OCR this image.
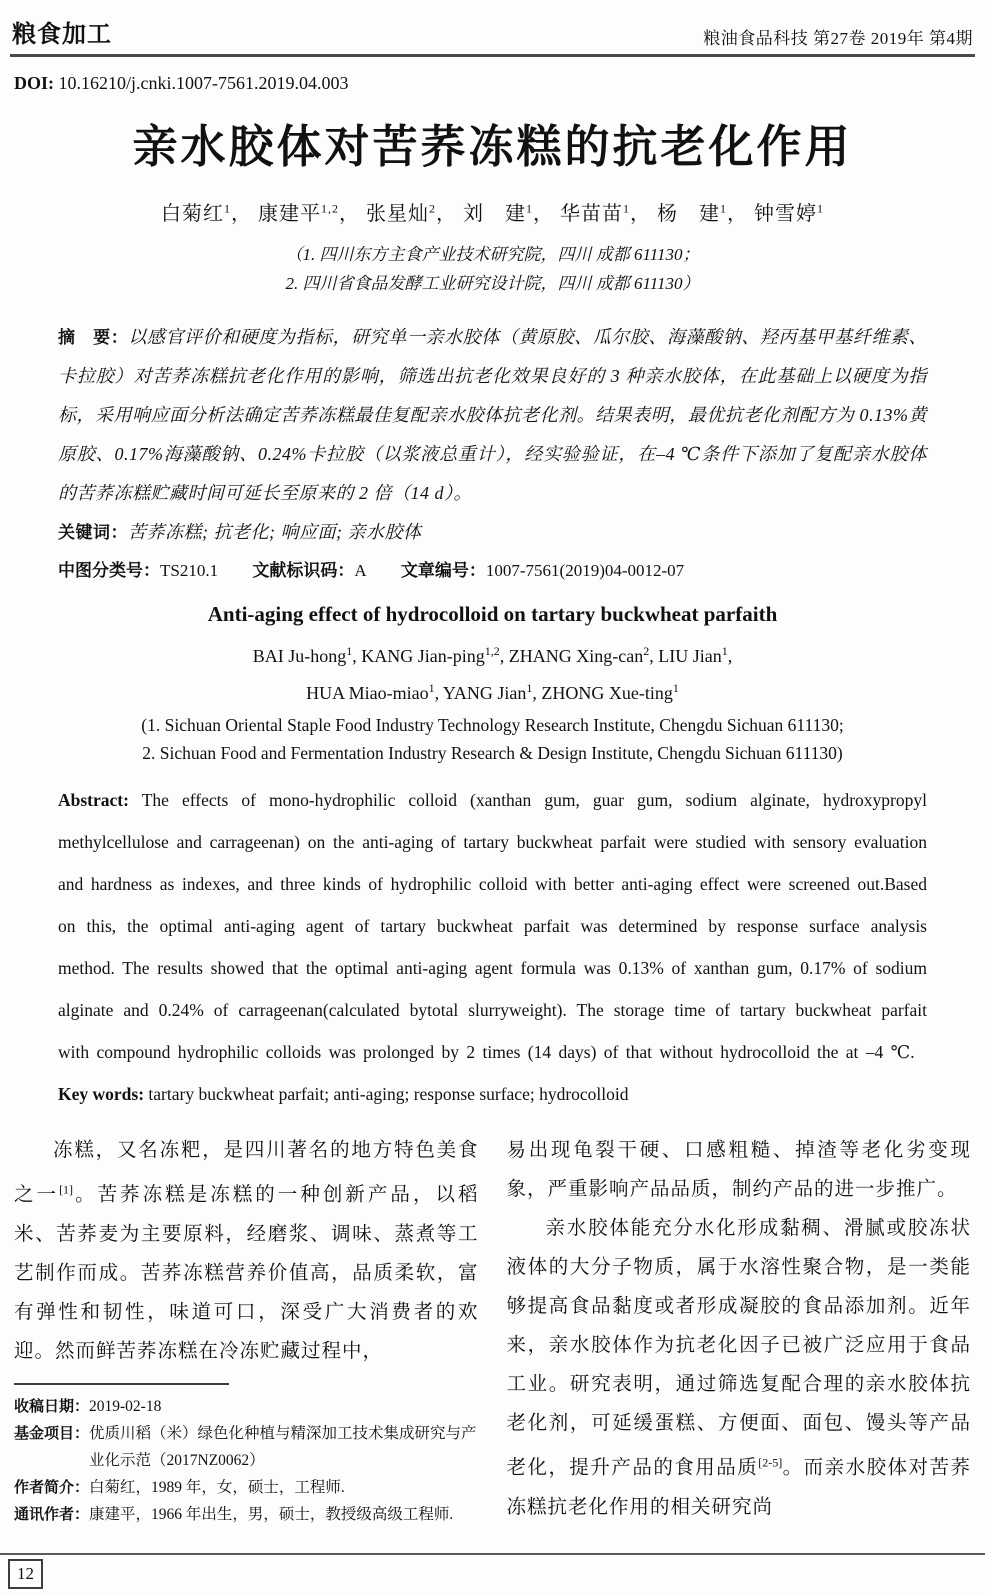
粮食加工	粮油食品科技 第27卷 2019年 第4期
DOI: 10.16210/j.cnki.1007-7561.2019.04.003
亲水胶体对苦荞冻糕的抗老化作用
白菊红$^1$， 康建平$^{1,2}$， 张星灿$^2$， 刘　建$^1$， 华苗苗$^1$， 杨　建$^1$， 钟雪婷$^1$
（1. 四川东方主食产业技术研究院，四川 成都 611130；
2. 四川省食品发酵工业研究设计院，四川 成都 611130）
摘　要：以感官评价和硬度为指标，研究单一亲水胶体（黄原胶、瓜尔胶、海藻酸钠、羟丙基甲基纤维素、卡拉胶）对苦荞冻糕抗老化作用的影响，筛选出抗老化效果良好的 3 种亲水胶体，在此基础上以硬度为指标，采用响应面分析法确定苦荞冻糕最佳复配亲水胶体抗老化剂。结果表明，最优抗老化剂配方为 0.13%黄原胶、0.17%海藻酸钠、0.24%卡拉胶（以浆液总重计），经实验验证，在–4 ℃条件下添加了复配亲水胶体的苦荞冻糕贮藏时间可延长至原来的 2 倍（14 d）。
关键词：苦荞冻糕; 抗老化; 响应面; 亲水胶体
中图分类号：TS210.1 文献标识码：A 文章编号：1007-7561(2019)04-0012-07
Anti-aging effect of hydrocolloid on tartary buckwheat parfaith
BAI Ju-hong$^1$, KANG Jian-ping$^{1,2}$, ZHANG Xing-can$^2$, LIU Jian$^1$,
HUA Miao-miao$^1$, YANG Jian$^1$, ZHONG Xue-ting$^1$
(1. Sichuan Oriental Staple Food Industry Technology Research Institute, Chengdu Sichuan 611130;
2. Sichuan Food and Fermentation Industry Research & Design Institute, Chengdu Sichuan 611130)
Abstract: The effects of mono-hydrophilic colloid (xanthan gum, guar gum, sodium alginate, hydroxypropyl methylcellulose and carrageenan) on the anti-aging of tartary buckwheat parfait were studied with sensory evaluation and hardness as indexes, and three kinds of hydrophilic colloid with better anti-aging effect were screened out.Based on this, the optimal anti-aging agent of tartary buckwheat parfait was determined by response surface analysis method. The results showed that the optimal anti-aging agent formula was 0.13% of xanthan gum, 0.17% of sodium alginate and 0.24% of carrageenan(calculated bytotal slurryweight). The storage time of tartary buckwheat parfait with compound hydrophilic colloids was prolonged by 2 times (14 days) of that without hydrocolloid the at –4 ℃.
Key words: tartary buckwheat parfait; anti-aging; response surface; hydrocolloid

冻糕，又名冻粑，是四川著名的地方特色美食之一[1]。苦荞冻糕是冻糕的一种创新产品，以稻米、苦荞麦为主要原料，经磨浆、调味、蒸煮等工艺制作而成。苦荞冻糕营养价值高，品质柔软，富有弹性和韧性，味道可口，深受广大消费者的欢迎。然而鲜苦荞冻糕在冷冻贮藏过程中，

收稿日期： 2019-02-18
基金项目： 优质川稻（米）绿色化种植与精深加工技术集成研究与产业化示范（2017NZ0062）
作者简介： 白菊红，1989 年，女，硕士，工程师.
通讯作者： 康建平，1966 年出生，男，硕士，教授级高级工程师.

易出现龟裂干硬、口感粗糙、掉渣等老化劣变现象，严重影响产品品质，制约产品的进一步推广。

亲水胶体能充分水化形成黏稠、滑腻或胶冻状液体的大分子物质，属于水溶性聚合物，是一类能够提高食品黏度或者形成凝胶的食品添加剂。近年来，亲水胶体作为抗老化因子已被广泛应用于食品工业。研究表明，通过筛选复配合理的亲水胶体抗老化剂，可延缓蛋糕、方便面、面包、馒头等产品老化，提升产品的食用品质[2-5]。而亲水胶体对苦荞冻糕抗老化作用的相关研究尚

12
